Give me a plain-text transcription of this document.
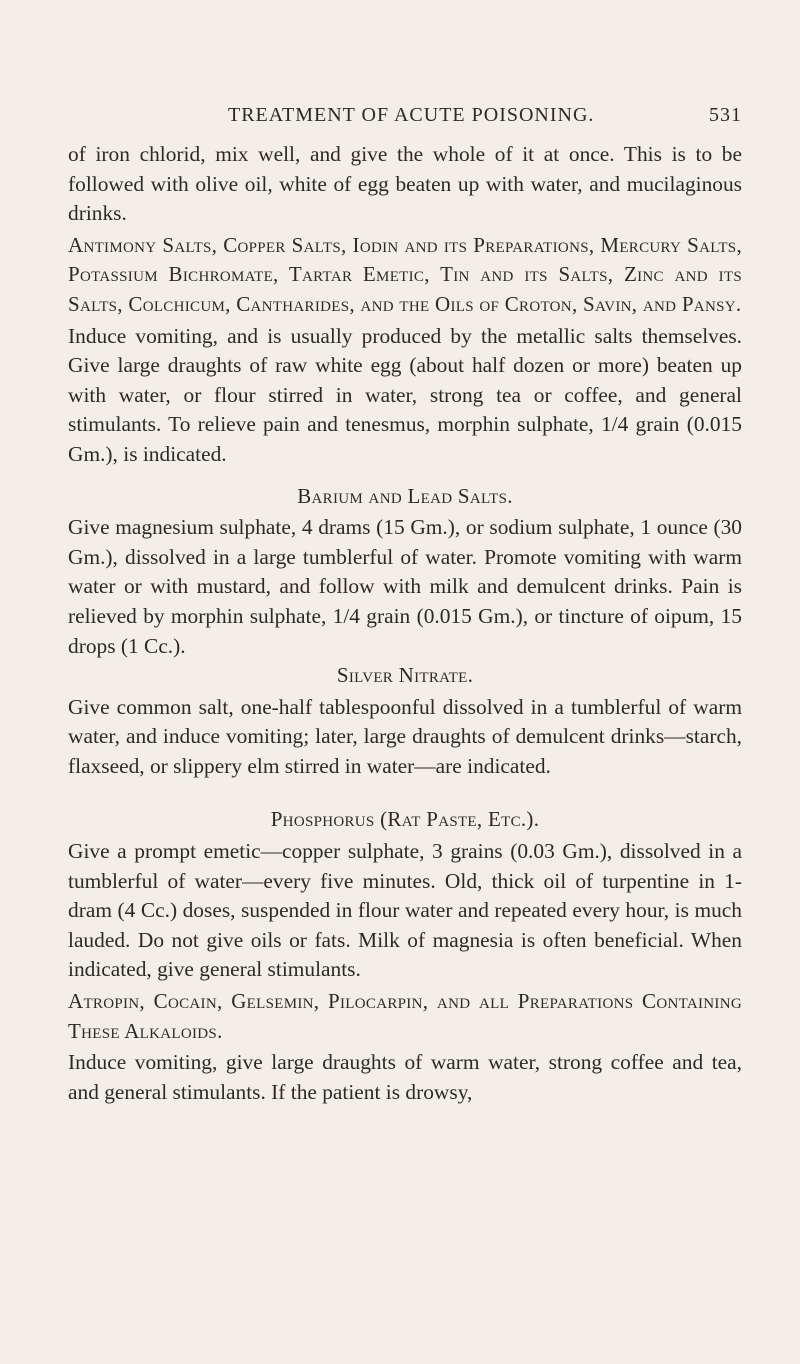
TREATMENT OF ACUTE POISONING.	531

of iron chlorid, mix well, and give the whole of it at once. This is to be followed with olive oil, white of egg beaten up with water, and mucilaginous drinks.

Antimony Salts, Copper Salts, Iodin and its Preparations, Mercury Salts, Potassium Bichromate, Tartar Emetic, Tin and its Salts, Zinc and its Salts, Colchicum, Cantharides, and the Oils of Croton, Savin, and Pansy.

Induce vomiting, and is usually produced by the metallic salts themselves. Give large draughts of raw white egg (about half dozen or more) beaten up with water, or flour stirred in water, strong tea or coffee, and general stimulants. To relieve pain and tenesmus, morphin sulphate, 1/4 grain (0.015 Gm.), is indicated.

Barium and Lead Salts.

Give magnesium sulphate, 4 drams (15 Gm.), or sodium sulphate, 1 ounce (30 Gm.), dissolved in a large tumblerful of water. Promote vomiting with warm water or with mustard, and follow with milk and demulcent drinks. Pain is relieved by morphin sulphate, 1/4 grain (0.015 Gm.), or tincture of oipum, 15 drops (1 Cc.).

Silver Nitrate.

Give common salt, one-half tablespoonful dissolved in a tumblerful of warm water, and induce vomiting; later, large draughts of demulcent drinks—starch, flaxseed, or slippery elm stirred in water—are indicated.

Phosphorus (Rat Paste, Etc.).

Give a prompt emetic—copper sulphate, 3 grains (0.03 Gm.), dissolved in a tumblerful of water—every five minutes. Old, thick oil of turpentine in 1-dram (4 Cc.) doses, suspended in flour water and repeated every hour, is much lauded. Do not give oils or fats. Milk of magnesia is often beneficial. When indicated, give general stimulants.

Atropin, Cocain, Gelsemin, Pilocarpin, and all Preparations Containing These Alkaloids.

Induce vomiting, give large draughts of warm water, strong coffee and tea, and general stimulants. If the patient is drowsy,
